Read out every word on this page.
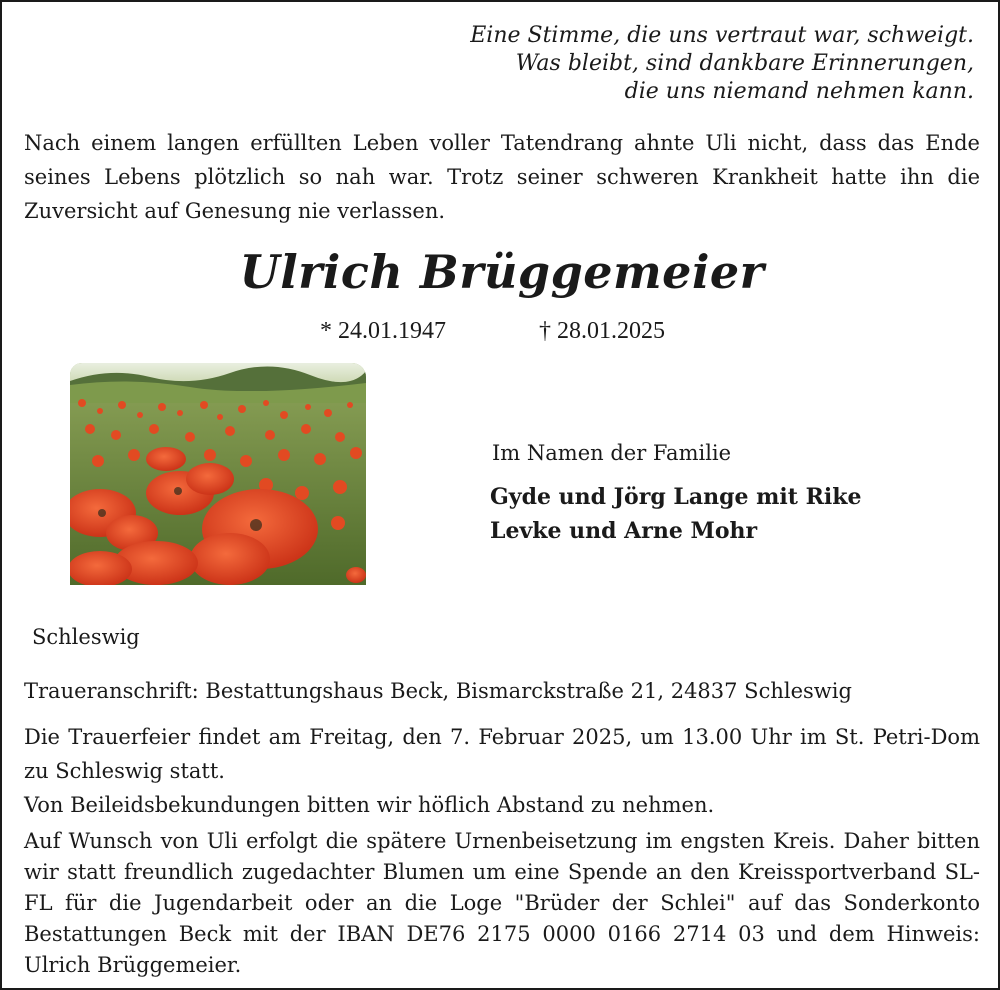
Eine Stimme, die uns vertraut war, schweigt.
Was bleibt, sind dankbare Erinnerungen,
die uns niemand nehmen kann.
Nach einem langen erfüllten Leben voller Tatendrang ahnte Uli nicht, dass das Ende seines Lebens plötzlich so nah war. Trotz seiner schweren Krankheit hatte ihn die Zuversicht auf Genesung nie verlassen.
Ulrich Brüggemeier
* 24.01.1947	† 28.01.2025
Im Namen der Familie
Gyde und Jörg Lange mit Rike
Levke und Arne Mohr
Schleswig
Traueranschrift: Bestattungshaus Beck, Bismarckstraße 21, 24837 Schleswig
Die Trauerfeier findet am Freitag, den 7. Februar 2025, um 13.00 Uhr im St. Petri-Dom zu Schleswig statt.
Von Beileidsbekundungen bitten wir höflich Abstand zu nehmen.
Auf Wunsch von Uli erfolgt die spätere Urnenbeisetzung im engsten Kreis. Daher bitten wir statt freundlich zugedachter Blumen um eine Spende an den Kreissportverband SL-FL für die Jugendarbeit oder an die Loge "Brüder der Schlei" auf das Sonderkonto Bestattungen Beck mit der IBAN DE76 2175 0000 0166 2714 03 und dem Hinweis: Ulrich Brüggemeier.
